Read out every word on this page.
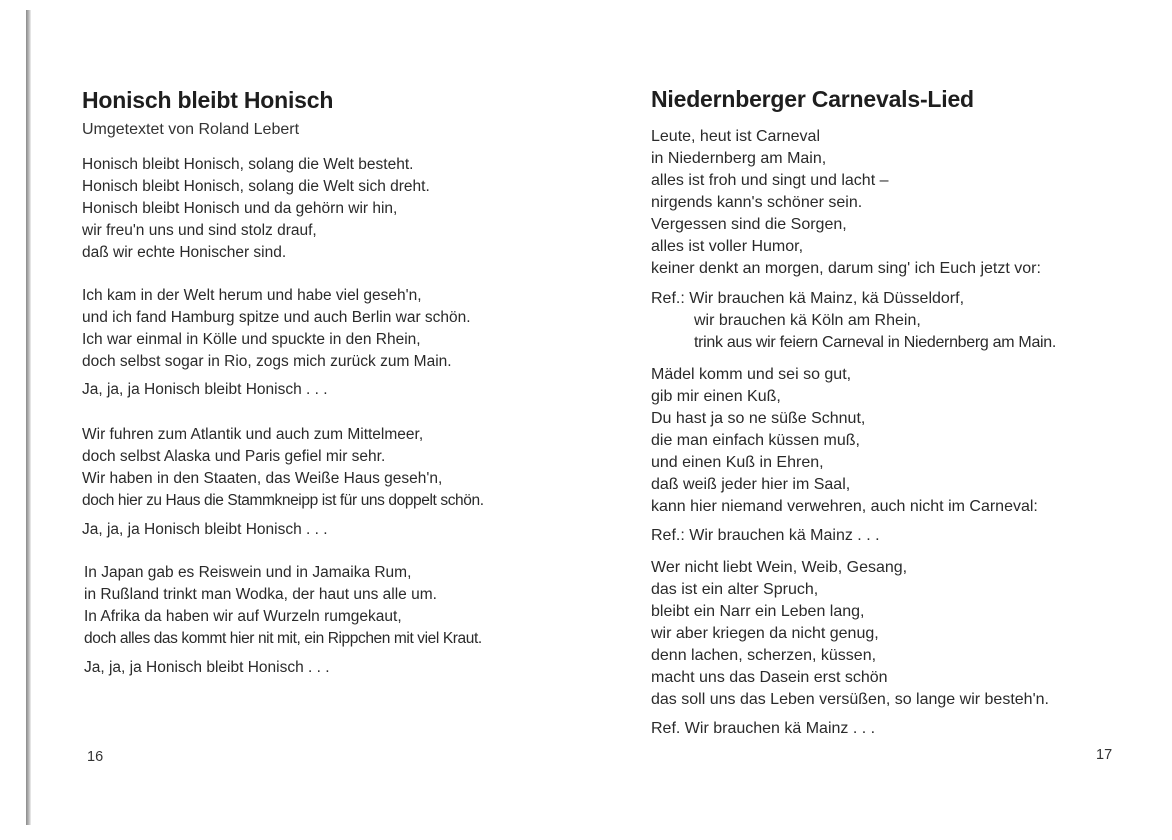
Honisch bleibt Honisch
Umgetextet von Roland Lebert
Honisch bleibt Honisch, solang die Welt besteht.
Honisch bleibt Honisch, solang die Welt sich dreht.
Honisch bleibt Honisch und da gehörn wir hin,
wir freu'n uns und sind stolz drauf,
daß wir echte Honischer sind.
Ich kam in der Welt herum und habe viel geseh'n,
und ich fand Hamburg spitze und auch Berlin war schön.
Ich war einmal in Kölle und spuckte in den Rhein,
doch selbst sogar in Rio, zogs mich zurück zum Main.
Ja, ja, ja Honisch bleibt Honisch . . .
Wir fuhren zum Atlantik und auch zum Mittelmeer,
doch selbst Alaska und Paris gefiel mir sehr.
Wir haben in den Staaten, das Weiße Haus geseh'n,
doch hier zu Haus die Stammkneipp ist für uns doppelt schön.
Ja, ja, ja Honisch bleibt Honisch . . .
In Japan gab es Reiswein und in Jamaika Rum,
in Rußland trinkt man Wodka, der haut uns alle um.
In Afrika da haben wir auf Wurzeln rumgekaut,
doch alles das kommt hier nit mit, ein Rippchen mit viel Kraut.
Ja, ja, ja Honisch bleibt Honisch . . .
16
Niedernberger Carnevals-Lied
Leute, heut ist Carneval
in Niedernberg am Main,
alles ist froh und singt und lacht –
nirgends kann's schöner sein.
Vergessen sind die Sorgen,
alles ist voller Humor,
keiner denkt an morgen, darum sing' ich Euch jetzt vor:
Ref.: Wir brauchen kä Mainz, kä Düsseldorf,
wir brauchen kä Köln am Rhein,
trink aus wir feiern Carneval in Niedernberg am Main.
Mädel komm und sei so gut,
gib mir einen Kuß,
Du hast ja so ne süße Schnut,
die man einfach küssen muß,
und einen Kuß in Ehren,
daß weiß jeder hier im Saal,
kann hier niemand verwehren, auch nicht im Carneval:
Ref.: Wir brauchen kä Mainz . . .
Wer nicht liebt Wein, Weib, Gesang,
das ist ein alter Spruch,
bleibt ein Narr ein Leben lang,
wir aber kriegen da nicht genug,
denn lachen, scherzen, küssen,
macht uns das Dasein erst schön
das soll uns das Leben versüßen, so lange wir besteh'n.
Ref. Wir brauchen kä Mainz . . .
17
